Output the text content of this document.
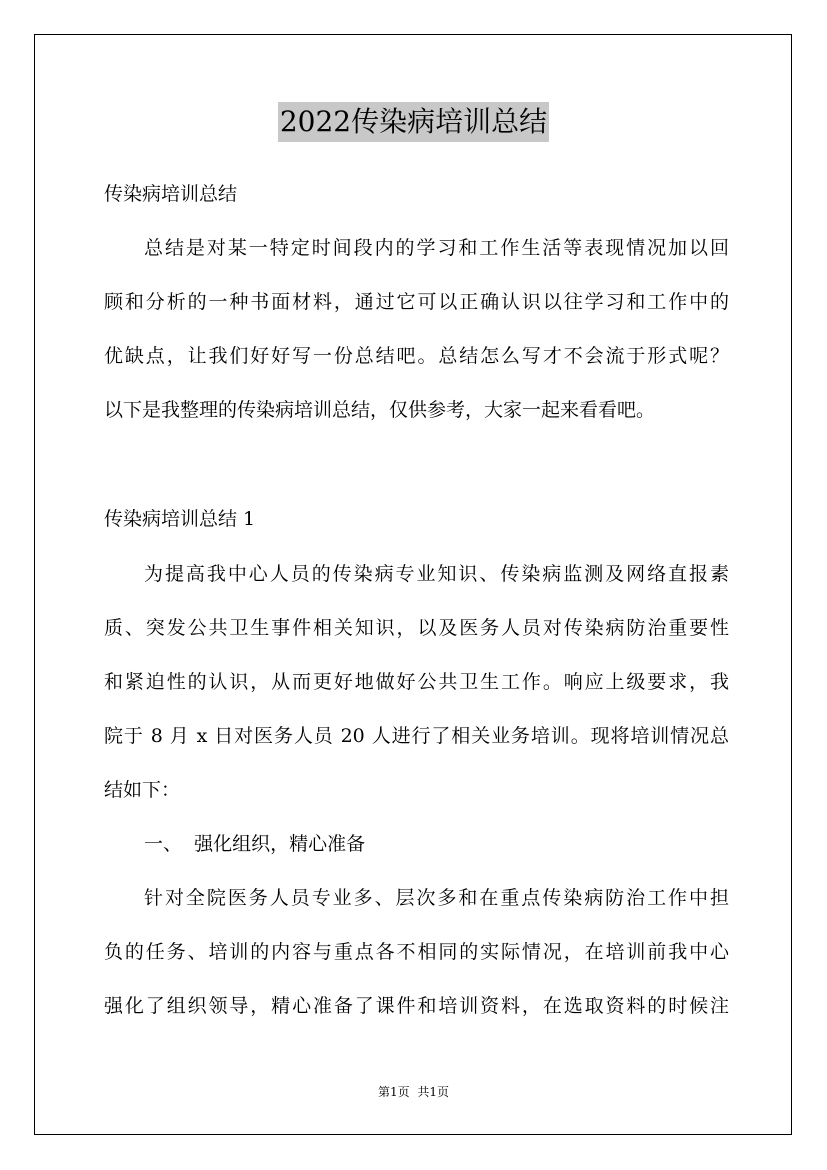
2022传染病培训总结
传染病培训总结
总结是对某一特定时间段内的学习和工作生活等表现情况加以回
顾和分析的一种书面材料，通过它可以正确认识以往学习和工作中的
优缺点，让我们好好写一份总结吧。总结怎么写才不会流于形式呢？
以下是我整理的传染病培训总结，仅供参考，大家一起来看看吧。
传染病培训总结 1
为提高我中心人员的传染病专业知识、传染病监测及网络直报素
质、突发公共卫生事件相关知识，以及医务人员对传染病防治重要性
和紧迫性的认识，从而更好地做好公共卫生工作。响应上级要求，我
院于 8 月 x 日对医务人员 20 人进行了相关业务培训。现将培训情况总
结如下：
一、  强化组织，精心准备
针对全院医务人员专业多、层次多和在重点传染病防治工作中担
负的任务、培训的内容与重点各不相同的实际情况，在培训前我中心
强化了组织领导，精心准备了课件和培训资料，在选取资料的时候注
第1页 共1页
